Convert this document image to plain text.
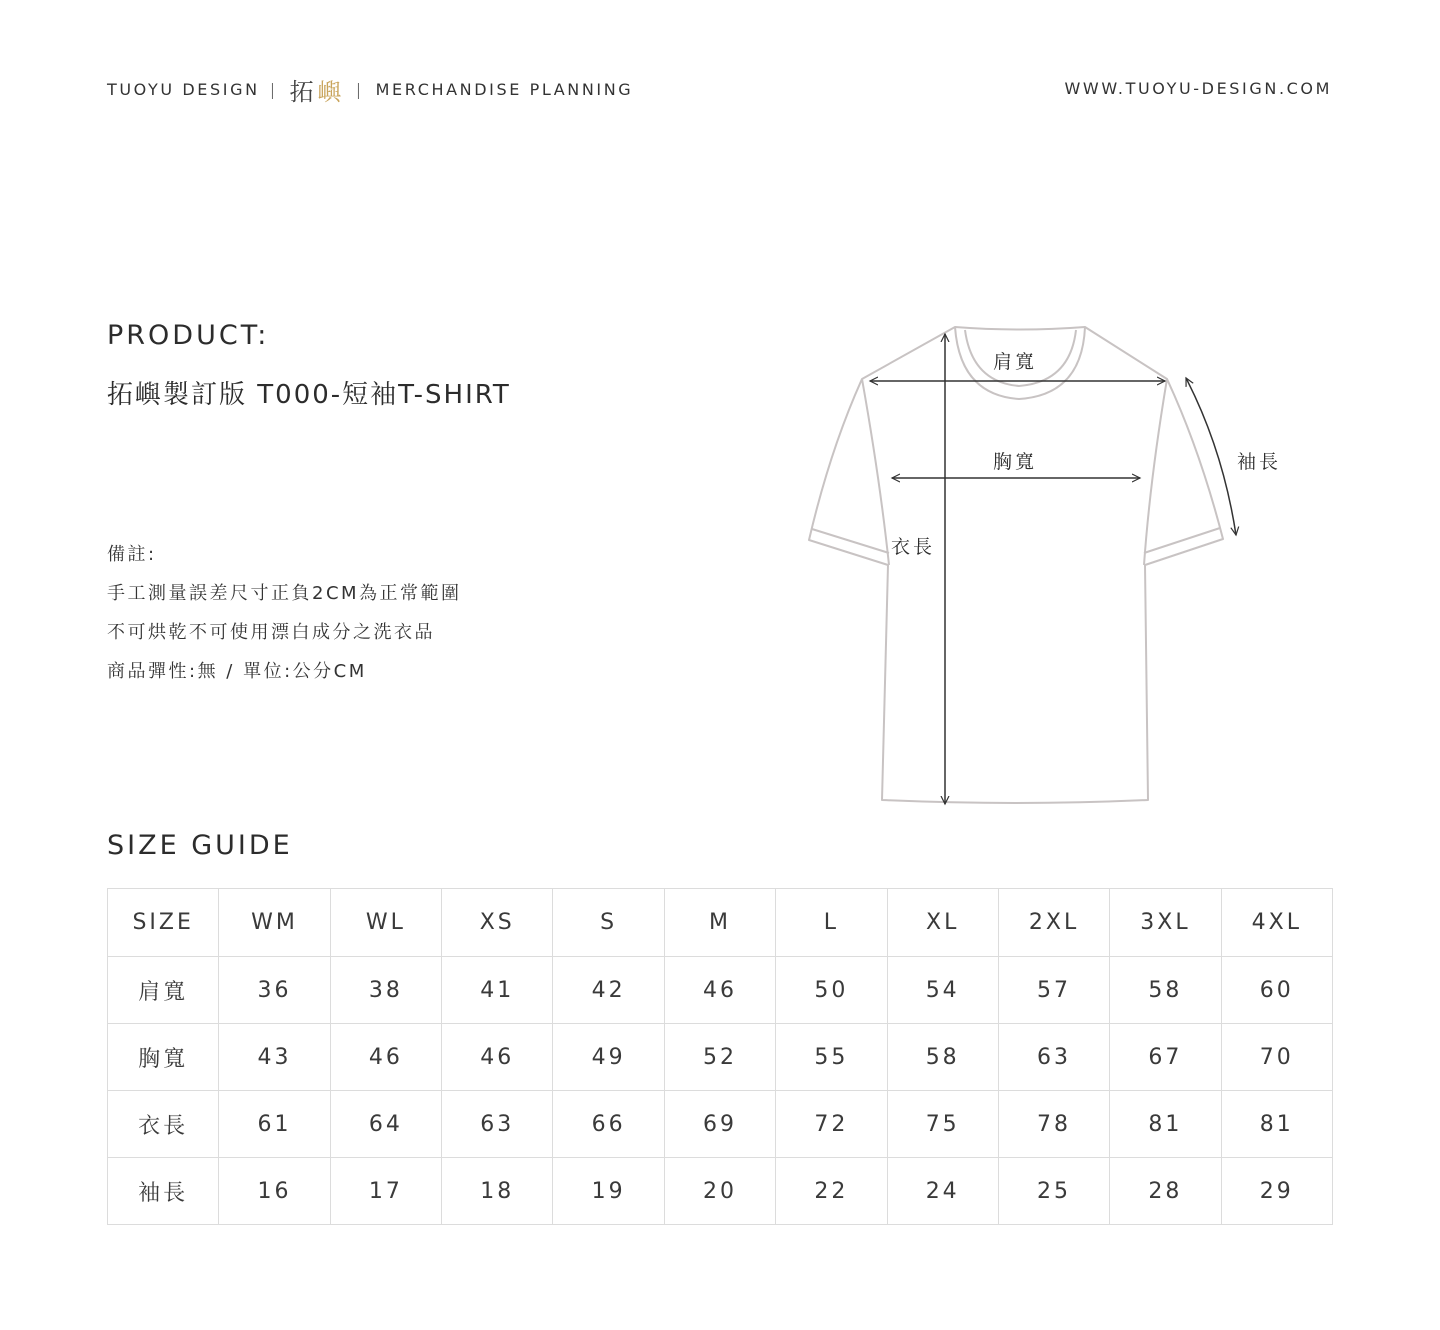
TUOYU DESIGN | 拓嶼 | MERCHANDISE PLANNING	WWW.TUOYU-DESIGN.COM
PRODUCT:
拓嶼製訂版 T000-短袖T-SHIRT
備註:
手工測量誤差尺寸正負2CM為正常範圍
不可烘乾不可使用漂白成分之洗衣品
商品彈性:無 / 單位:公分CM
肩寬
胸寬
衣長
袖長
SIZE GUIDE
SIZE	WM	WL	XS	S	M	L	XL	2XL	3XL	4XL
肩寬	36	38	41	42	46	50	54	57	58	60
胸寬	43	46	46	49	52	55	58	63	67	70
衣長	61	64	63	66	69	72	75	78	81	81
袖長	16	17	18	19	20	22	24	25	28	29
